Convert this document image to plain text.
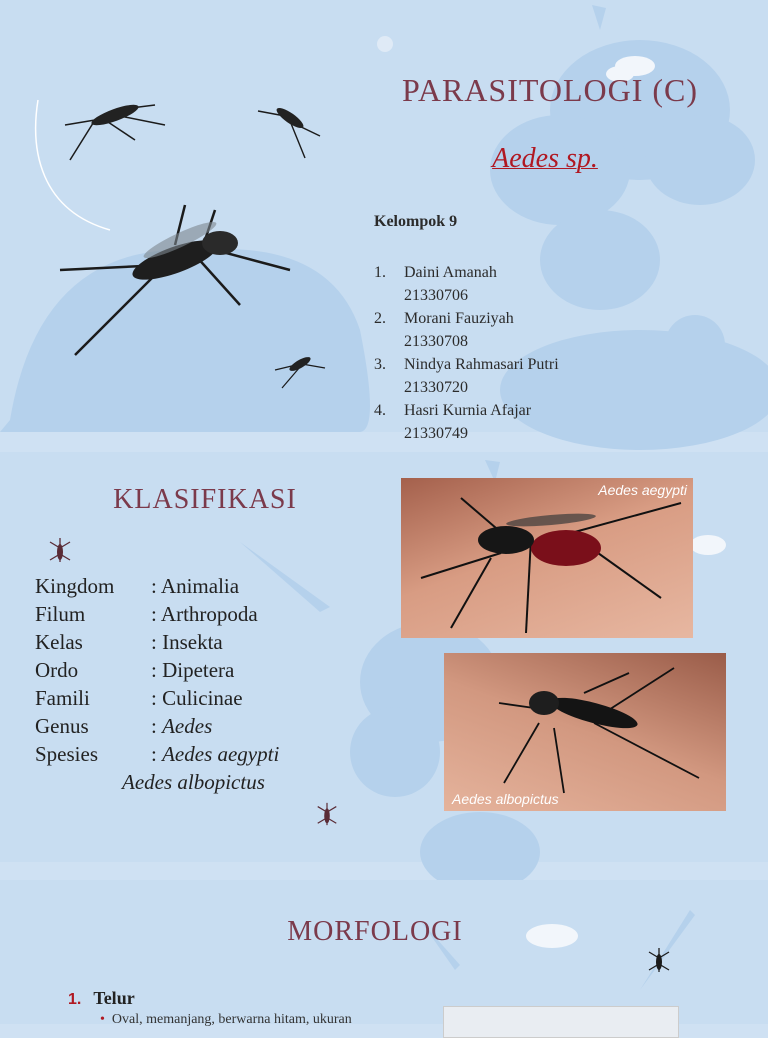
PARASITOLOGI (C)
Aedes sp.
Kelompok 9
1.	Daini Amanah
21330706
2.	Morani Fauziyah
21330708
3.	Nindya Rahmasari Putri
21330720
4.	Hasri Kurnia Afajar
21330749
KLASIFIKASI
Kingdom	: Animalia
Filum	: Arthropoda
Kelas	: Insekta
Ordo	: Dipetera
Famili	: Culicinae
Genus	: Aedes
Spesies	: Aedes aegypti
Aedes albopictus
Aedes aegypti
Aedes albopictus
MORFOLOGI
1. Telur
• Oval, memanjang, berwarna hitam, ukuran
